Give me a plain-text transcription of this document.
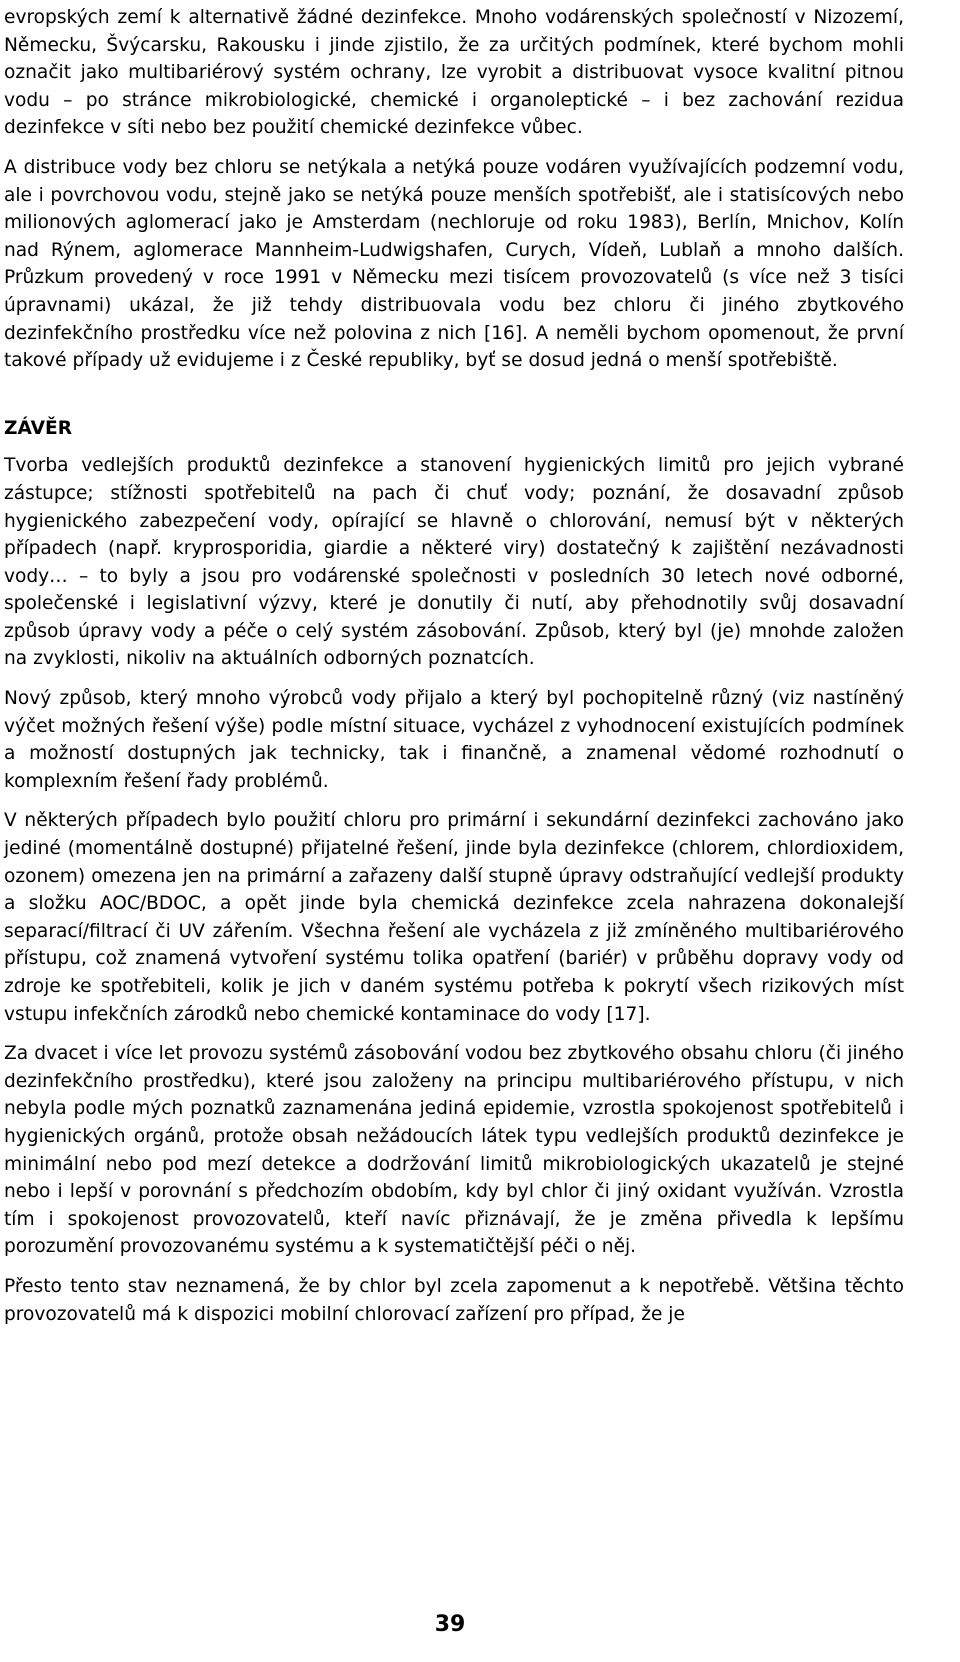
evropských zemí k alternativě žádné dezinfekce. Mnoho vodárenských společností v Nizozemí, Německu, Švýcarsku, Rakousku i jinde zjistilo, že za určitých podmínek, které bychom mohli označit jako multibariérový systém ochrany, lze vyrobit a distribuovat vysoce kvalitní pitnou vodu – po stránce mikrobiologické, chemické i organoleptické – i bez zachování rezidua dezinfekce v síti nebo bez použití chemické dezinfekce vůbec.

A distribuce vody bez chloru se netýkala a netýká pouze vodáren využívajících podzemní vodu, ale i povrchovou vodu, stejně jako se netýká pouze menších spotřebišť, ale i statisícových nebo milionových aglomerací jako je Amsterdam (nechloruje od roku 1983), Berlín, Mnichov, Kolín nad Rýnem, aglomerace Mannheim-Ludwigshafen, Curych, Vídeň, Lublaň a mnoho dalších. Průzkum provedený v roce 1991 v Německu mezi tisícem provozovatelů (s více než 3 tisíci úpravnami) ukázal, že již tehdy distribuovala vodu bez chloru či jiného zbytkového dezinfekčního prostředku více než polovina z nich [16]. A neměli bychom opomenout, že první takové případy už evidujeme i z České republiky, byť se dosud jedná o menší spotřebiště.

ZÁVĚR

Tvorba vedlejších produktů dezinfekce a stanovení hygienických limitů pro jejich vybrané zástupce; stížnosti spotřebitelů na pach či chuť vody; poznání, že dosavadní způsob hygienického zabezpečení vody, opírající se hlavně o chlorování, nemusí být v některých případech (např. kryprosporidia, giardie a některé viry) dostatečný k zajištění nezávadnosti vody… – to byly a jsou pro vodárenské společnosti v posledních 30 letech nové odborné, společenské i legislativní výzvy, které je donutily či nutí, aby přehodnotily svůj dosavadní způsob úpravy vody a péče o celý systém zásobování. Způsob, který byl (je) mnohde založen na zvyklosti, nikoliv na aktuálních odborných poznatcích.

Nový způsob, který mnoho výrobců vody přijalo a který byl pochopitelně různý (viz nastíněný výčet možných řešení výše) podle místní situace, vycházel z vyhodnocení existujících podmínek a možností dostupných jak technicky, tak i finančně, a znamenal vědomé rozhodnutí o komplexním řešení řady problémů.

V některých případech bylo použití chloru pro primární i sekundární dezinfekci zachováno jako jediné (momentálně dostupné) přijatelné řešení, jinde byla dezinfekce (chlorem, chlordioxidem, ozonem) omezena jen na primární a zařazeny další stupně úpravy odstraňující vedlejší produkty a složku AOC/BDOC, a opět jinde byla chemická dezinfekce zcela nahrazena dokonalejší separací/filtrací či UV zářením. Všechna řešení ale vycházela z již zmíněného multibariérového přístupu, což znamená vytvoření systému tolika opatření (bariér) v průběhu dopravy vody od zdroje ke spotřebiteli, kolik je jich v daném systému potřeba k pokrytí všech rizikových míst vstupu infekčních zárodků nebo chemické kontaminace do vody [17].

Za dvacet i více let provozu systémů zásobování vodou bez zbytkového obsahu chloru (či jiného dezinfekčního prostředku), které jsou založeny na principu multibariérového přístupu, v nich nebyla podle mých poznatků zaznamenána jediná epidemie, vzrostla spokojenost spotřebitelů i hygienických orgánů, protože obsah nežádoucích látek typu vedlejších produktů dezinfekce je minimální nebo pod mezí detekce a dodržování limitů mikrobiologických ukazatelů je stejné nebo i lepší v porovnání s předchozím obdobím, kdy byl chlor či jiný oxidant využíván. Vzrostla tím i spokojenost provozovatelů, kteří navíc přiznávají, že je změna přivedla k lepšímu porozumění provozovanému systému a k systematičtější péči o něj.

Přesto tento stav neznamená, že by chlor byl zcela zapomenut a k nepotřebě. Většina těchto provozovatelů má k dispozici mobilní chlorovací zařízení pro případ, že je

39
